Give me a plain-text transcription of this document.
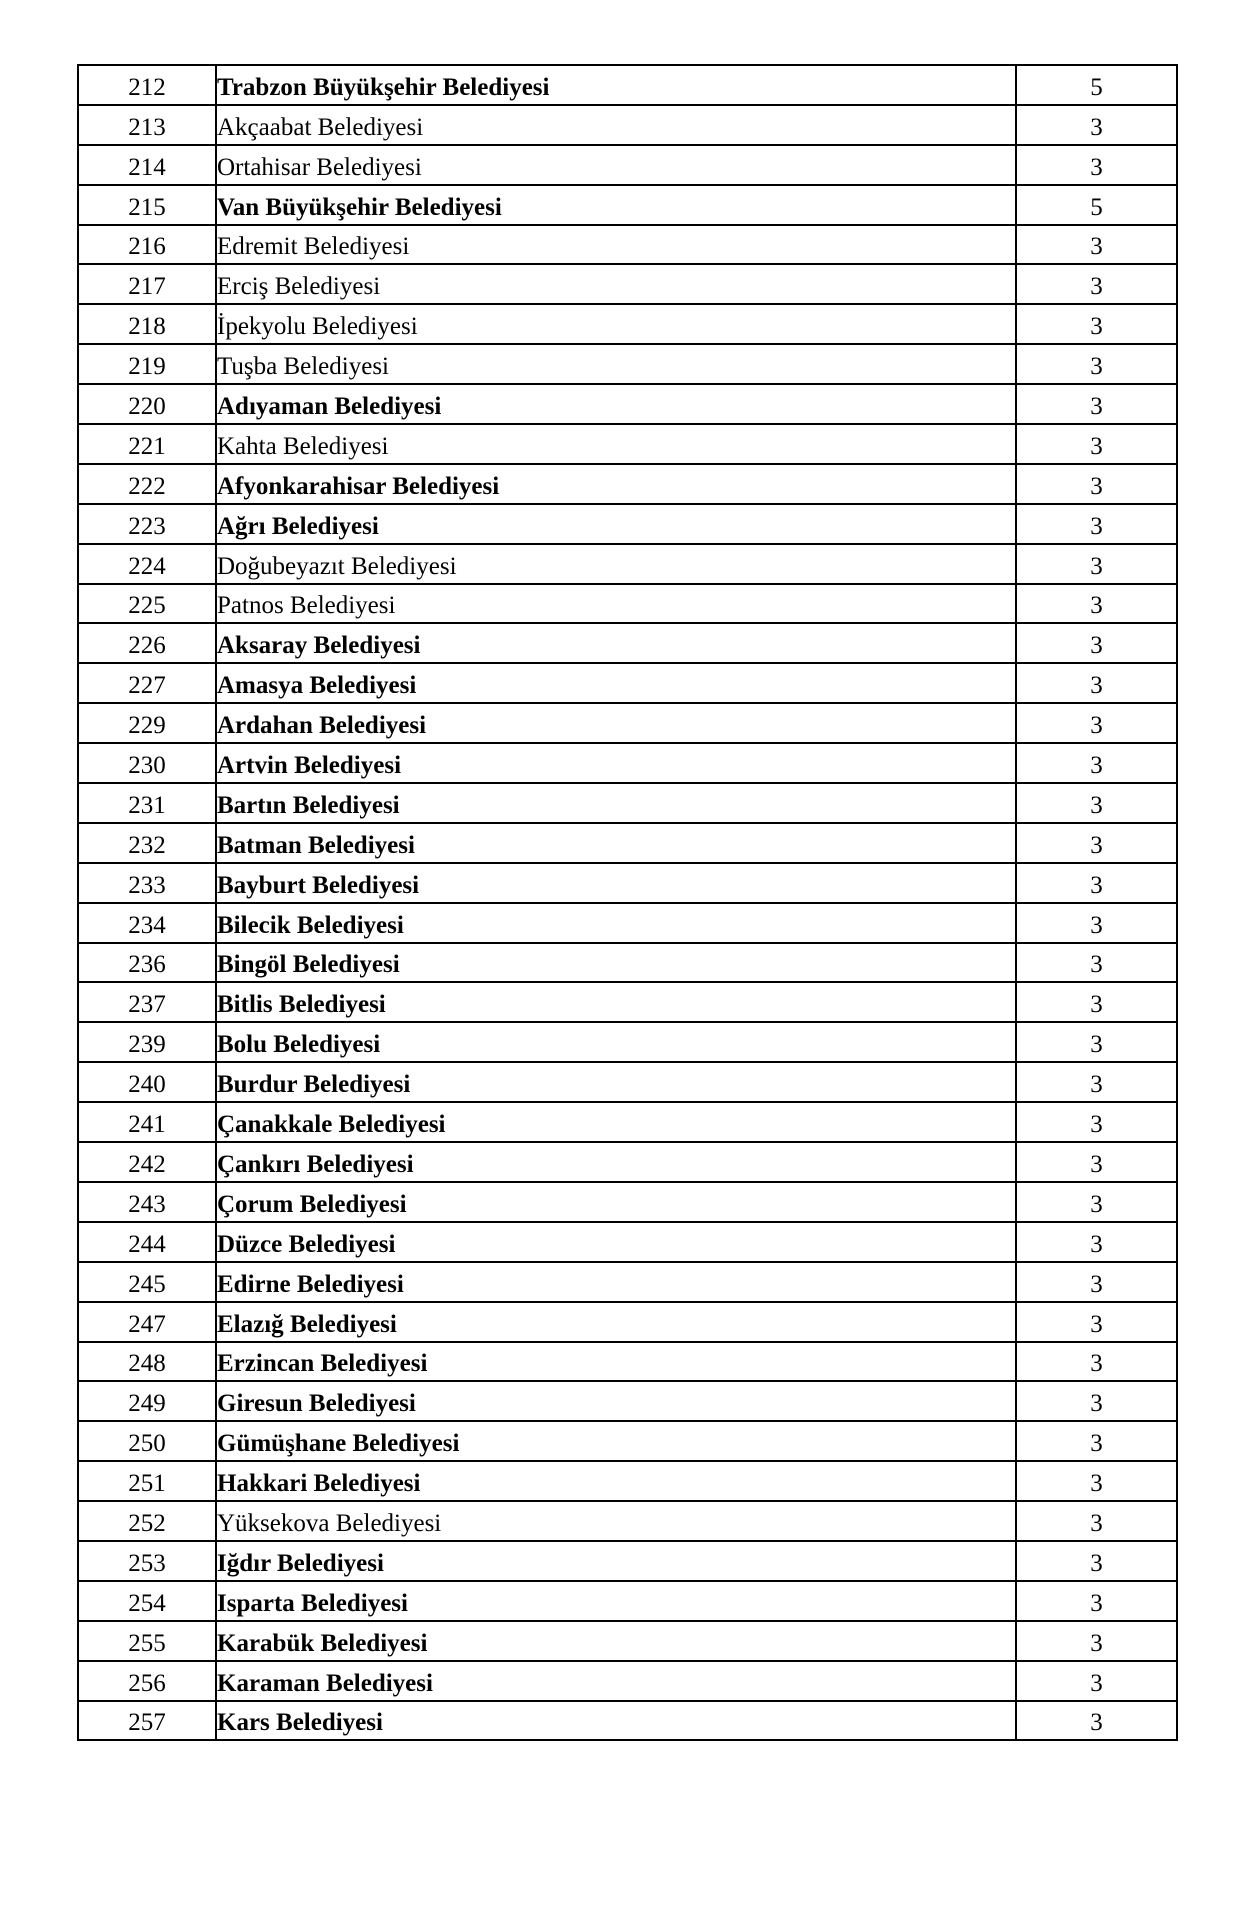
212	Trabzon Büyükşehir Belediyesi	5
213	Akçaabat Belediyesi	3
214	Ortahisar Belediyesi	3
215	Van Büyükşehir Belediyesi	5
216	Edremit Belediyesi	3
217	Erciş Belediyesi	3
218	İpekyolu Belediyesi	3
219	Tuşba Belediyesi	3
220	Adıyaman Belediyesi	3
221	Kahta Belediyesi	3
222	Afyonkarahisar Belediyesi	3
223	Ağrı Belediyesi	3
224	Doğubeyazıt Belediyesi	3
225	Patnos Belediyesi	3
226	Aksaray Belediyesi	3
227	Amasya Belediyesi	3
229	Ardahan Belediyesi	3
230	Artvin Belediyesi	3
231	Bartın Belediyesi	3
232	Batman Belediyesi	3
233	Bayburt Belediyesi	3
234	Bilecik Belediyesi	3
236	Bingöl Belediyesi	3
237	Bitlis Belediyesi	3
239	Bolu Belediyesi	3
240	Burdur Belediyesi	3
241	Çanakkale Belediyesi	3
242	Çankırı Belediyesi	3
243	Çorum Belediyesi	3
244	Düzce Belediyesi	3
245	Edirne Belediyesi	3
247	Elazığ Belediyesi	3
248	Erzincan Belediyesi	3
249	Giresun Belediyesi	3
250	Gümüşhane Belediyesi	3
251	Hakkari Belediyesi	3
252	Yüksekova Belediyesi	3
253	Iğdır Belediyesi	3
254	Isparta Belediyesi	3
255	Karabük Belediyesi	3
256	Karaman Belediyesi	3
257	Kars Belediyesi	3
